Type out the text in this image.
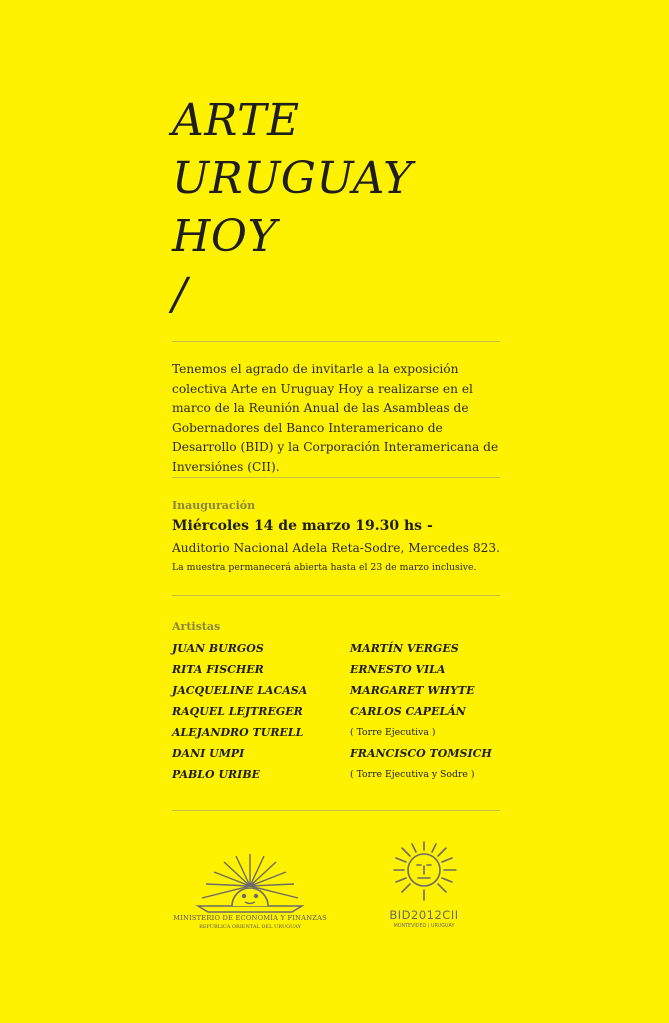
ARTE
URUGUAY
HOY
/
Tenemos el agrado de invitarle a la exposición colectiva Arte en Uruguay Hoy a realizarse en el marco de la Reunión Anual de las Asambleas de Gobernadores del Banco Interamericano de Desarrollo (BID) y la Corporación Interamericana de Inversiónes (CII).
Inauguración
Miércoles 14 de marzo 19.30 hs -
Auditorio Nacional Adela Reta-Sodre, Mercedes 823.
La muestra permanecerá abierta hasta el 23 de marzo inclusive.
Artistas
JUAN BURGOS
RITA FISCHER
JACQUELINE LACASA
RAQUEL LEJTREGER
ALEJANDRO TURELL
DANI UMPI
PABLO URIBE
MARTÍN VERGES
ERNESTO VILA
MARGARET WHYTE
CARLOS CAPELÁN
( Torre Ejecutiva )
FRANCISCO TOMSICH
( Torre Ejecutiva y Sodre )
MINISTERIO DE ECONOMÍA Y FINANZAS
REPÚBLICA ORIENTAL DEL URUGUAY
BID2012CII
MONTEVIDEO | URUGUAY
